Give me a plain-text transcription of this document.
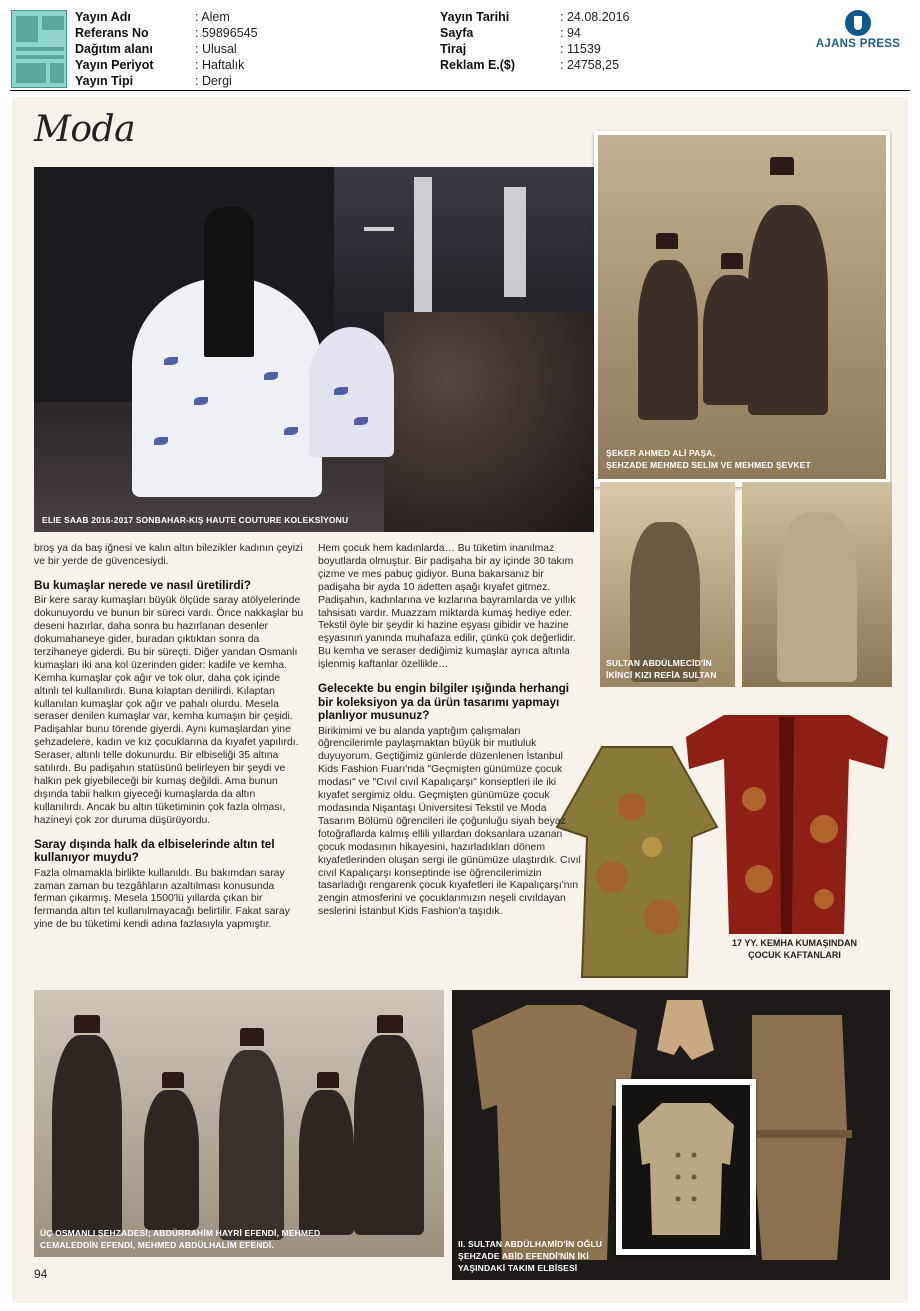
Yayın Adı	: Alem
Referans No	: 59896545
Dağıtım alanı	: Ulusal
Yayın Periyot	: Haftalık
Yayın Tipi	: Dergi
Yayın Tarihi	: 24.08.2016
Sayfa	: 94
Tiraj	: 11539
Reklam E.($)	: 24758,25
AJANS PRESS
Moda
ELIE SAAB 2016-2017 SONBAHAR-KIŞ HAUTE COUTURE KOLEKSİYONU
ŞEKER AHMED ALİ PAŞA,
ŞEHZADE MEHMED SELİM VE MEHMED ŞEVKET
SULTAN ABDÜLMECİD'İN
İKİNCİ KIZI REFİA SULTAN
17 YY. KEMHA KUMAŞINDAN
ÇOCUK KAFTANLARI
ÜÇ OSMANLI ŞEHZADESİ; ABDÜRRAHİM HAYRİ EFENDİ, MEHMED
CEMALEDDİN EFENDİ, MEHMED ABDÜLHALİM EFENDİ.	II. SULTAN ABDÜLHAMİD'İN OĞLU
ŞEHZADE ABİD EFENDİ'NİN İKİ
YAŞINDAKİ TAKIM ELBİSESİ

broş ya da baş iğnesi ve kalın altın bilezikler kadının çeyizi ve bir yerde de güvencesiydi.

Bu kumaşlar nerede ve nasıl üretilirdi?

Bir kere saray kumaşları büyük ölçüde saray atölyelerinde dokunuyordu ve bunun bir süreci vardı. Önce nakkaşlar bu deseni hazırlar, daha sonra bu hazırlanan desenler dokumahaneye gider, buradan çıktıktan sonra da terzihaneye giderdi. Bu bir süreçti. Diğer yandan Osmanlı kumaşları iki ana kol üzerinden gider: kadife ve kemha. Kemha kumaşlar çok ağır ve tok olur, daha çok içinde altınlı tel kullanılırdı. Buna kılaptan denilirdi. Kılaptan kullanılan kumaşlar çok ağır ve pahalı olurdu. Mesela seraser denilen kumaşlar var, kemha kumaşın bir çeşidi. Padişahlar bunu törende giyerdi. Aynı kumaşlardan yine şehzadelere, kadın ve kız çocuklarına da kıyafet yapılırdı. Seraser, altınlı telle dokunurdu. Bir elbiseliği 35 altına satılırdı. Bu padişahın statüsünü belirleyen bir şeydi ve halkın pek giyebileceği bir kumaş değildi. Ama bunun dışında tabii halkın giyeceği kumaşlarda da altın kullanılırdı. Ancak bu altın tüketiminin çok fazla olması, hazineyi çok zor duruma düşürüyordu.

Saray dışında halk da elbiselerinde altın tel kullanıyor muydu?

Fazla olmamakla birlikte kullanıldı. Bu bakımdan saray zaman zaman bu tezgâhların azaltılması konusunda ferman çıkarmış. Mesela 1500'lü yıllarda çıkan bir fermanda altın tel kullanılmayacağı belirtilir. Fakat saray yine de bu tüketimi kendi adına fazlasıyla yapmıştır.

Hem çocuk hem kadınlarda… Bu tüketim inanılmaz boyutlarda olmuştur. Bir padişaha bir ay içinde 30 takım çizme ve mes pabuç gidiyor. Buna bakarsanız bir padişaha bir ayda 10 adetten aşağı kıyafet gitmez. Padişahın, kadınlarına ve kızlarına bayramlarda ve yıllık tahsisatı vardır. Muazzam miktarda kumaş hediye eder. Tekstil öyle bir şeydir ki hazine eşyası gibidir ve hazine eşyasının yanında muhafaza edilir, çünkü çok değerlidir. Bu kemha ve seraser dediğimiz kumaşlar ayrıca altınla işlenmiş kaftanlar özellikle…

Gelecekte bu engin bilgiler ışığında herhangi bir koleksiyon ya da ürün tasarımı yapmayı planlıyor musunuz?

Birikimimi ve bu alanda yaptığım çalışmaları öğrencilerimle paylaşmaktan büyük bir mutluluk duyuyorum. Geçtiğimiz günlerde düzenlenen İstanbul Kids Fashion Fuarı'nda "Geçmişten günümüze çocuk modası" ve "Cıvıl cıvıl Kapalıçarşı" konseptleri ile iki kıyafet sergimiz oldu. Geçmişten günümüze çocuk modasında Nişantaşı Üniversitesi Tekstil ve Moda Tasarım Bölümü öğrencileri ile çoğunluğu siyah beyaz fotoğraflarda kalmış ellili yıllardan doksanlara uzanan çocuk modasının hikayesini, hazırladıkları dönem kıyafetlerinden oluşan sergi ile günümüze ulaştırdık. Cıvıl cıvıl Kapalıçarşı konseptinde ise öğrencilerimizin tasarladığı rengarenk çocuk kıyafetleri ile Kapalıçarşı'nın zengin atmosferini ve çocuklarımızın neşeli cıvıldayan seslerini İstanbul Kids Fashion'a taşıdık.

94
